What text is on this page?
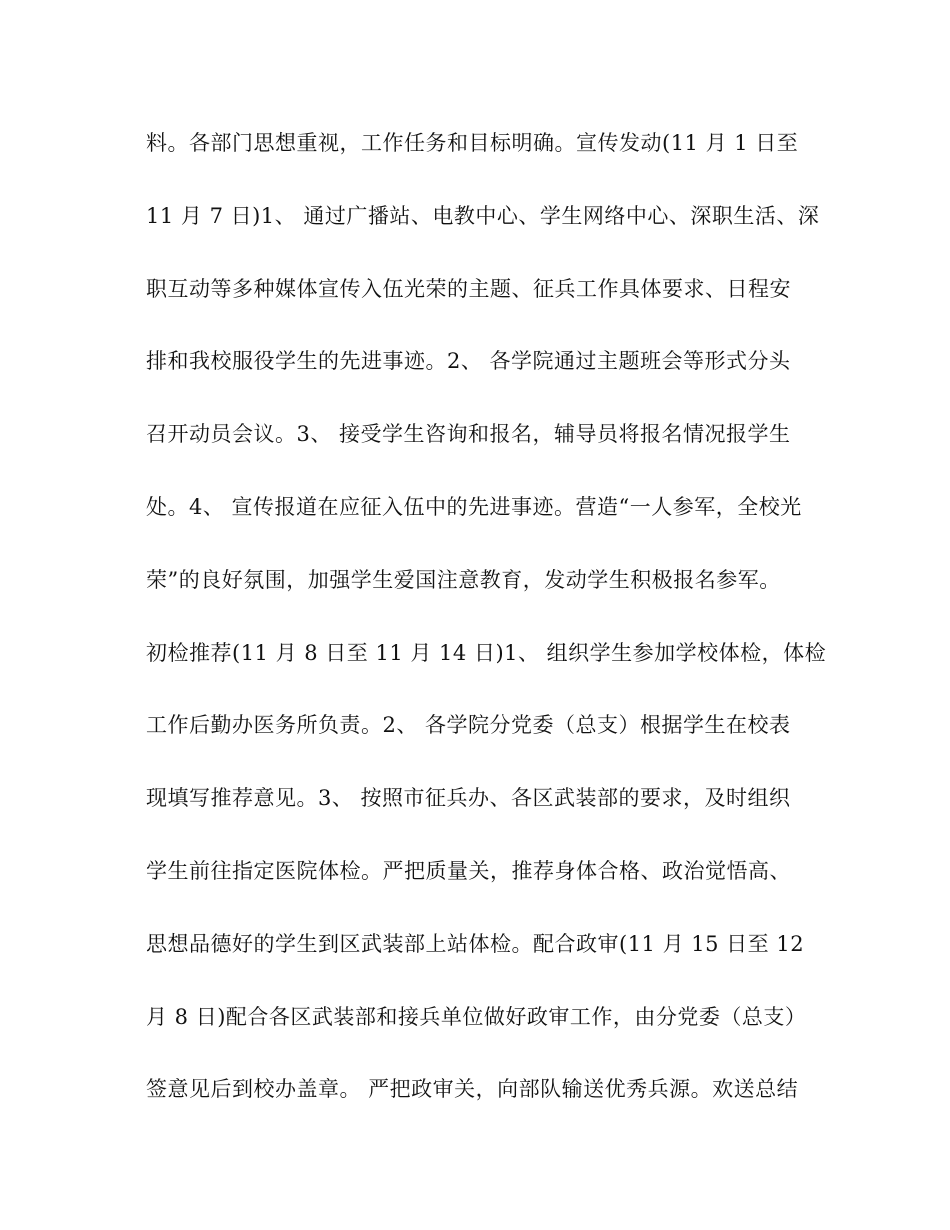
料。各部门思想重视，工作任务和目标明确。宣传发动(11 月 1 日至
11 月 7 日)1、 通过广播站、电教中心、学生网络中心、深职生活、深
职互动等多种媒体宣传入伍光荣的主题、征兵工作具体要求、日程安
排和我校服役学生的先进事迹。2、 各学院通过主题班会等形式分头
召开动员会议。3、 接受学生咨询和报名，辅导员将报名情况报学生
处。4、 宣传报道在应征入伍中的先进事迹。营造“一人参军，全校光
荣”的良好氛围，加强学生爱国注意教育，发动学生积极报名参军。
初检推荐(11 月 8 日至 11 月 14 日)1、 组织学生参加学校体检，体检
工作后勤办医务所负责。2、 各学院分党委（总支）根据学生在校表
现填写推荐意见。3、 按照市征兵办、各区武装部的要求，及时组织
学生前往指定医院体检。严把质量关，推荐身体合格、政治觉悟高、
思想品德好的学生到区武装部上站体检。配合政审(11 月 15 日至 12
月 8 日)配合各区武装部和接兵单位做好政审工作，由分党委（总支）
签意见后到校办盖章。 严把政审关，向部队输送优秀兵源。欢送总结
